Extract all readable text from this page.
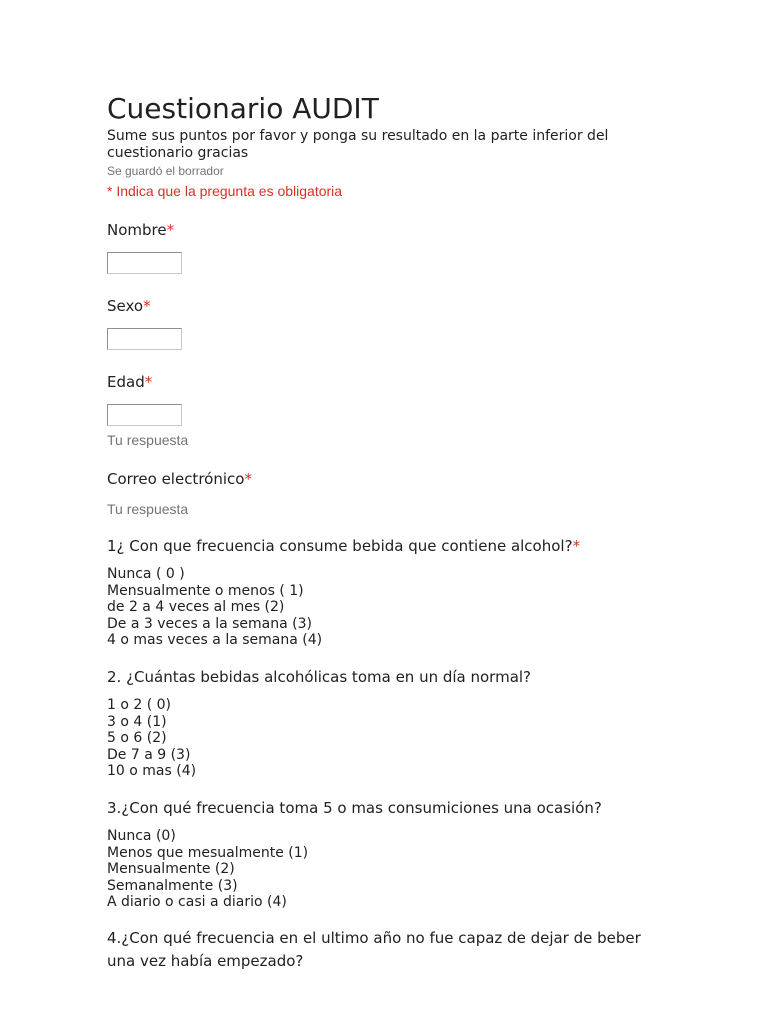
Cuestionario AUDIT
Sume sus puntos por favor y ponga su resultado en la parte inferior del cuestionario gracias
Se guardó el borrador
* Indica que la pregunta es obligatoria
Nombre*
Sexo*
Edad*
Tu respuesta
Correo electrónico*
Tu respuesta
1¿ Con que frecuencia consume bebida que contiene alcohol?*
Nunca ( 0 )
Mensualmente o menos ( 1)
de 2 a 4 veces al mes (2)
De a 3 veces a la semana (3)
4 o mas veces a la semana (4)
2. ¿Cuántas bebidas alcohólicas toma en un día normal?
1 o 2 ( 0)
3 o 4 (1)
5 o 6 (2)
De 7 a 9 (3)
10 o mas (4)
3.¿Con qué frecuencia toma 5 o mas consumiciones una ocasión?
Nunca (0)
Menos que mesualmente (1)
Mensualmente (2)
Semanalmente (3)
A diario o casi a diario (4)
4.¿Con qué frecuencia en el ultimo año no fue capaz de dejar de beber una vez había empezado?
